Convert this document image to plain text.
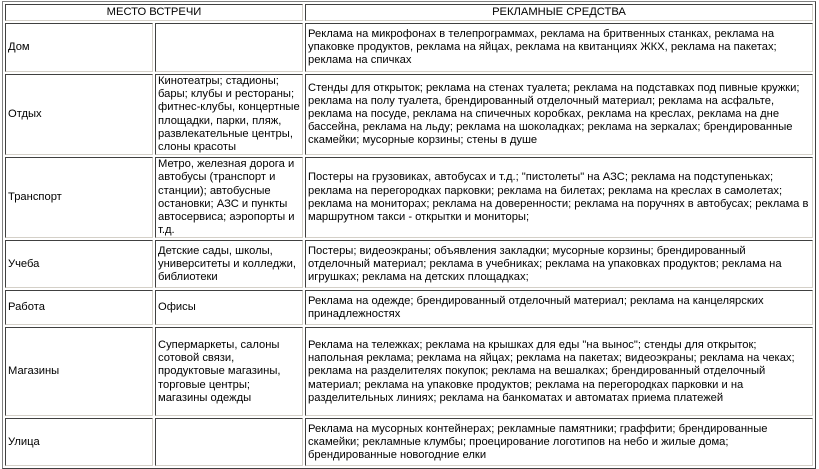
МЕСТО ВСТРЕЧИ		РЕКЛАМНЫЕ СРЕДСТВА
Дом		Реклама на микрофонах в телепрограммах, реклама на бритвенных станках, реклама на упаковке продуктов, реклама на яйцах, реклама на квитанциях ЖКХ, реклама на пакетах; реклама на спичках
Отдых	Кинотеатры; стадионы; бары; клубы и рестораны; фитнес-клубы, концертные площадки, парки, пляж, развлекательные центры, слоны красоты	Стенды для открыток; реклама на стенах туалета; реклама на подставках под пивные кружки; реклама на полу туалета, брендированный отделочный материал; реклама на асфальте, реклама на посуде, реклама на спичечных коробках, реклама на креслах, реклама на дне бассейна, реклама на льду; реклама на шоколадках; реклама на зеркалах; брендированные скамейки; мусорные корзины; стены в душе
Транспорт	Метро, железная дорога и автобусы (транспорт и станции); автобусные остановки; АЗС и пункты автосервиса; аэропорты и т.д.	Постеры на грузовиках, автобусах и т.д.; "пистолеты" на АЗС; реклама на подступеньках; реклама на перегородках парковки; реклама на билетах; реклама на креслах в самолетах; реклама на мониторах; реклама на доверенности; реклама на поручнях в автобусах; реклама в маршрутном такси - открытки и мониторы;
Учеба	Детские сады, школы, университеты и колледжи, библиотеки	Постеры; видеоэкраны; объявления закладки; мусорные корзины; брендированный отделочный материал; реклама в учебниках; реклама на упаковках продуктов; реклама на игрушках; реклама на детских площадках;
Работа	Офисы	Реклама на одежде; брендированный отделочный материал; реклама на канцелярских принадлежностях
Магазины	Супермаркеты, салоны сотовой связи, продуктовые магазины, торговые центры; магазины одежды	Реклама на тележках; реклама на крышках для еды "на вынос"; стенды для открыток; напольная реклама; реклама на яйцах; реклама на пакетах; видеоэкраны; реклама на чеках; реклама на разделителях покупок; реклама на вешалках; брендированный отделочный материал; реклама на упаковке продуктов; реклама на перегородках парковки и на разделительных линиях; реклама на банкоматах и автоматах приема платежей
Улица		Реклама на мусорных контейнерах; рекламные памятники; граффити; брендированные скамейки; рекламные клумбы; проецирование логотипов на небо и жилые дома; брендированные новогодние елки
